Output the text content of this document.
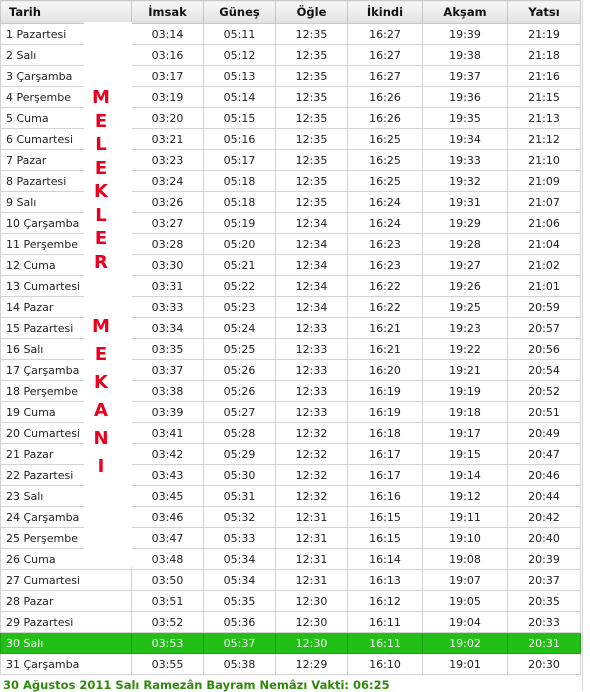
Tarih	İmsak	Güneş	Öğle	İkindi	Akşam	Yatsı
1 Pazartesi	03:14	05:11	12:35	16:27	19:39	21:19
2 Salı	03:16	05:12	12:35	16:27	19:38	21:18
3 Çarşamba	03:17	05:13	12:35	16:27	19:37	21:16
4 Perşembe	03:19	05:14	12:35	16:26	19:36	21:15
5 Cuma	03:20	05:15	12:35	16:26	19:35	21:13
6 Cumartesi	03:21	05:16	12:35	16:25	19:34	21:12
7 Pazar	03:23	05:17	12:35	16:25	19:33	21:10
8 Pazartesi	03:24	05:18	12:35	16:25	19:32	21:09
9 Salı	03:26	05:18	12:35	16:24	19:31	21:07
10 Çarşamba	03:27	05:19	12:34	16:24	19:29	21:06
11 Perşembe	03:28	05:20	12:34	16:23	19:28	21:04
12 Cuma	03:30	05:21	12:34	16:23	19:27	21:02
13 Cumartesi	03:31	05:22	12:34	16:22	19:26	21:01
14 Pazar	03:33	05:23	12:34	16:22	19:25	20:59
15 Pazartesi	03:34	05:24	12:33	16:21	19:23	20:57
16 Salı	03:35	05:25	12:33	16:21	19:22	20:56
17 Çarşamba	03:37	05:26	12:33	16:20	19:21	20:54
18 Perşembe	03:38	05:26	12:33	16:19	19:19	20:52
19 Cuma	03:39	05:27	12:33	16:19	19:18	20:51
20 Cumartesi	03:41	05:28	12:32	16:18	19:17	20:49
21 Pazar	03:42	05:29	12:32	16:17	19:15	20:47
22 Pazartesi	03:43	05:30	12:32	16:17	19:14	20:46
23 Salı	03:45	05:31	12:32	16:16	19:12	20:44
24 Çarşamba	03:46	05:32	12:31	16:15	19:11	20:42
25 Perşembe	03:47	05:33	12:31	16:15	19:10	20:40
26 Cuma	03:48	05:34	12:31	16:14	19:08	20:39
27 Cumartesi	03:50	05:34	12:31	16:13	19:07	20:37
28 Pazar	03:51	05:35	12:30	16:12	19:05	20:35
29 Pazartesi	03:52	05:36	12:30	16:11	19:04	20:33
30 Salı	03:53	05:37	12:30	16:11	19:02	20:31
31 Çarşamba	03:55	05:38	12:29	16:10	19:01	20:30
M
E
L
E
K
L
E
R
M
E
K
A
N
I
30 Ağustos 2011 Salı Ramezân Bayram Nemâzı Vakti: 06:25
